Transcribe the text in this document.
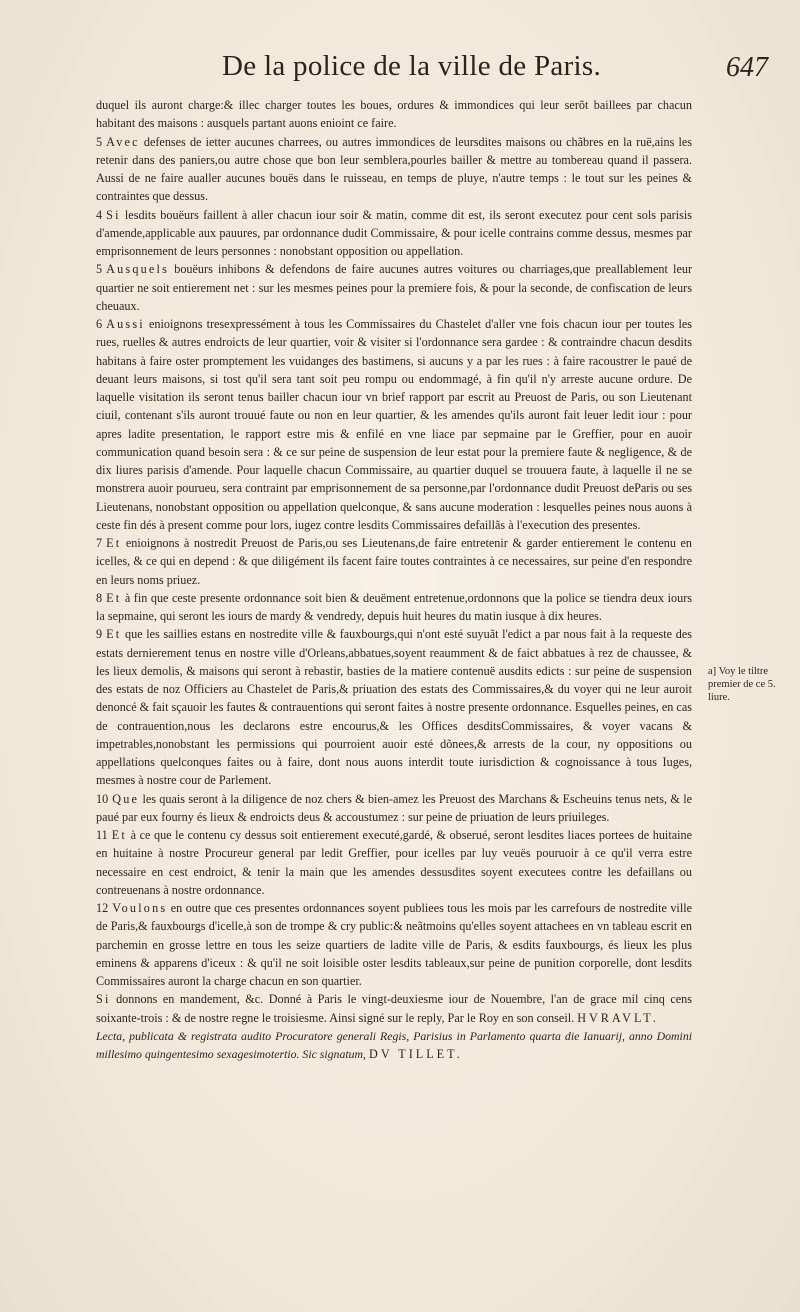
De la police de la ville de Paris.	647

duquel ils auront charge:& illec charger toutes les boues, ordures & immondices qui leur serõt baillees par chacun habitant des maisons : ausquels partant auons enioint ce faire.

5 Avec defenses de ietter aucunes charrees, ou autres immondices de leursdites maisons ou chãbres en la ruë,ains les retenir dans des paniers,ou autre chose que bon leur semblera,pourles bailler & mettre au tombereau quand il passera. Aussi de ne faire aualler aucunes bouës dans le ruisseau, en temps de pluye, n'autre temps : le tout sur les peines & contraintes que dessus.

4 Si lesdits bouëurs faillent à aller chacun iour soir & matin, comme dit est, ils seront executez pour cent sols parisis d'amende,applicable aux pauures, par ordonnance dudit Commissaire, & pour icelle contrains comme dessus, mesmes par emprisonnement de leurs personnes : nonobstant opposition ou appellation.

5 Ausquels bouëurs inhibons & defendons de faire aucunes autres voitures ou charriages,que preallablement leur quartier ne soit entierement net : sur les mesmes peines pour la premiere fois, & pour la seconde, de confiscation de leurs cheuaux.

6 Aussi enioignons tresexpressément à tous les Commissaires du Chastelet d'aller vne fois chacun iour per toutes les rues, ruelles & autres endroicts de leur quartier, voir & visiter si l'ordonnance sera gardee : & contraindre chacun desdits habitans à faire oster promptement les vuidanges des bastimens, si aucuns y a par les rues : à faire racoustrer le paué de deuant leurs maisons, si tost qu'il sera tant soit peu rompu ou endommagé, à fin qu'il n'y arreste aucune ordure. De laquelle visitation ils seront tenus bailler chacun iour vn brief rapport par escrit au Preuost de Paris, ou son Lieutenant ciuil, contenant s'ils auront trouué faute ou non en leur quartier, & les amendes qu'ils auront fait leuer ledit iour : pour apres ladite presentation, le rapport estre mis & enfilé en vne liace par sepmaine par le Greffier, pour en auoir communication quand besoin sera : & ce sur peine de suspension de leur estat pour la premiere faute & negligence, & de dix liures parisis d'amende. Pour laquelle chacun Commissaire, au quartier duquel se trouuera faute, à laquelle il ne se monstrera auoir pourueu, sera contraint par emprisonnement de sa personne,par l'ordonnance dudit Preuost deParis ou ses Lieutenans, nonobstant opposition ou appellation quelconque, & sans aucune moderation : lesquelles peines nous auons à ceste fin dés à present comme pour lors, iugez contre lesdits Commissaires defaillãs à l'execution des presentes.

7 Et enioignons à nostredit Preuost de Paris,ou ses Lieutenans,de faire entretenir & garder entierement le contenu en icelles, & ce qui en depend : & que diligément ils facent faire toutes contraintes à ce necessaires, sur peine d'en respondre en leurs noms priuez.

8 Et à fin que ceste presente ordonnance soit bien & deuëment entretenue,ordonnons que la police se tiendra deux iours la sepmaine, qui seront les iours de mardy & vendredy, depuis huit heures du matin iusque à dix heures.

9 Et que les saillies estans en nostredite ville & fauxbourgs,qui n'ont esté suyuãt l'edict a par nous fait à la requeste des estats dernierement tenus en nostre ville d'Orleans,abbatues,soyent reaumment & de faict abbatues à rez de chaussee, & les lieux demolis, & maisons qui seront à rebastir, basties de la matiere contenuë ausdits edicts : sur peine de suspension des estats de noz Officiers au Chastelet de Paris,& priuation des estats des Commissaires,& du voyer qui ne leur auroit denoncé & fait sçauoir les fautes & contrauentions qui seront faites à nostre presente ordonnance. Esquelles peines, en cas de contrauention,nous les declarons estre encourus,& les Offices desditsCommissaires, & voyer vacans & impetrables,nonobstant les permissions qui pourroient auoir esté dõnees,& arrests de la cour, ny oppositions ou appellations quelconques faites ou à faire, dont nous auons interdit toute iurisdiction & cognoissance à tous Iuges, mesmes à nostre cour de Parlement.

10 Que les quais seront à la diligence de noz chers & bien-amez les Preuost des Marchans & Escheuins tenus nets, & le paué par eux fourny és lieux & endroicts deus & accoustumez : sur peine de priuation de leurs priuileges.

11 Et à ce que le contenu cy dessus soit entierement executé,gardé, & obserué, seront lesdites liaces portees de huitaine en huitaine à nostre Procureur general par ledit Greffier, pour icelles par luy veuës pouruoir à ce qu'il verra estre necessaire en cest endroict, & tenir la main que les amendes dessusdites soyent executees contre les defaillans ou contreuenans à nostre ordonnance.

12 Voulons en outre que ces presentes ordonnances soyent publiees tous les mois par les carrefours de nostredite ville de Paris,& fauxbourgs d'icelle,à son de trompe & cry public:& neãtmoins qu'elles soyent attachees en vn tableau escrit en parchemin en grosse lettre en tous les seize quartiers de ladite ville de Paris, & esdits fauxbourgs, és lieux les plus eminens & apparens d'iceux : & qu'il ne soit loisible oster lesdits tableaux,sur peine de punition corporelle, dont lesdits Commissaires auront la charge chacun en son quartier.

Si donnons en mandement, &c. Donné à Paris le vingt-deuxiesme iour de Nouembre, l'an de grace mil cinq cens soixante-trois : & de nostre regne le troisiesme. Ainsi signé sur le reply, Par le Roy en son conseil. HVRAVLT.

Lecta, publicata & registrata audito Procuratore generali Regis, Parisius in Parlamento quarta die Ianuarij, anno Domini millesimo quingentesimo sexagesimotertio. Sic signatum, DV TILLET.

a] Voy le tiltre premier de ce 5. liure.
